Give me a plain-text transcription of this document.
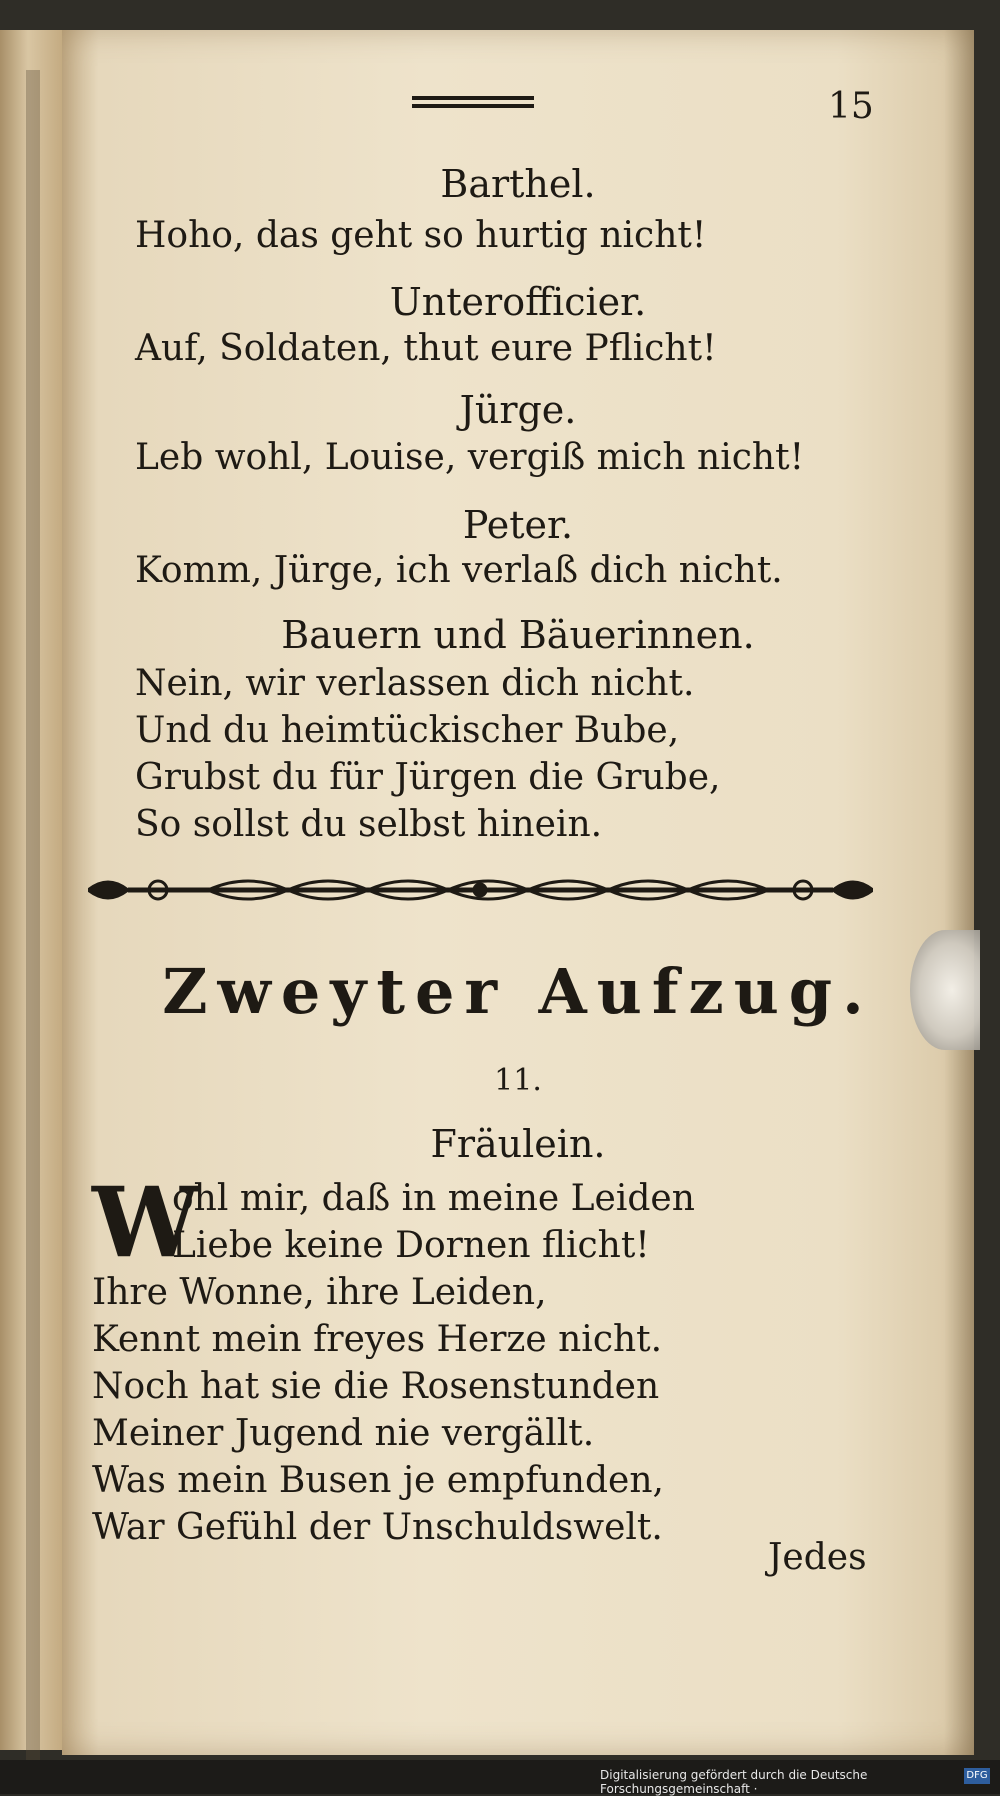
15
Barthel.
Hoho, das geht so hurtig nicht!
Unterofficier.
Auf, Soldaten, thut eure Pflicht!
Jürge.
Leb wohl, Louise, vergiß mich nicht!
Peter.
Komm, Jürge, ich verlaß dich nicht.
Bauern und Bäuerinnen.
Nein, wir verlassen dich nicht.
Und du heimtückischer Bube,
Grubst du für Jürgen die Grube,
So sollst du selbst hinein.
Zweyter Aufzug.
11.
Fräulein.
W
ohl mir, daß in meine Leiden
Liebe keine Dornen flicht!
Ihre Wonne, ihre Leiden,
Kennt mein freyes Herze nicht.
Noch hat sie die Rosenstunden
Meiner Jugend nie vergällt.
Was mein Busen je empfunden,
War Gefühl der Unschuldswelt.
Jedes
Digitalisierung gefördert durch die Deutsche Forschungsgemeinschaft ·
DFG
